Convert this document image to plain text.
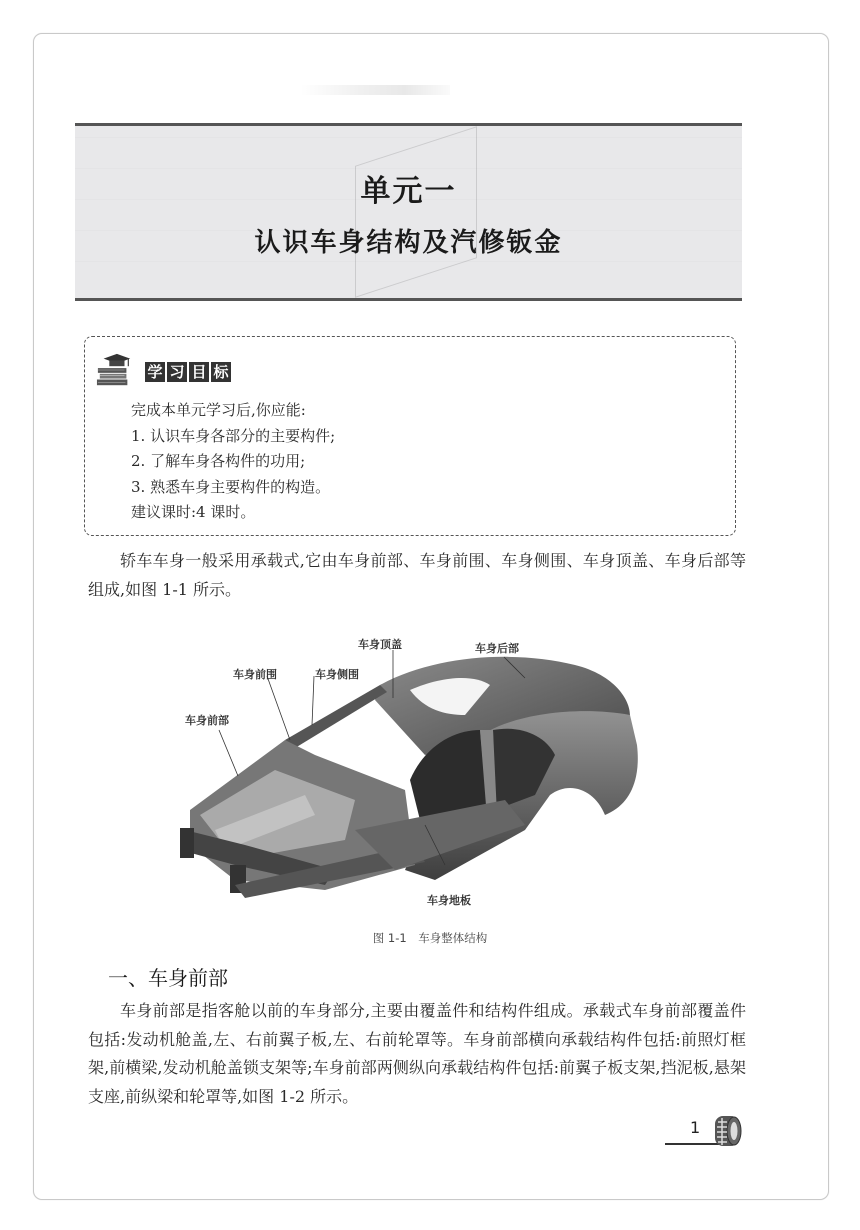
单元一
认识车身结构及汽修钣金
学 习 目 标
完成本单元学习后,你应能:
1. 认识车身各部分的主要构件;
2. 了解车身各构件的功用;
3. 熟悉车身主要构件的构造。
建议课时:4 课时。
轿车车身一般采用承载式,它由车身前部、车身前围、车身侧围、车身顶盖、车身后部等组成,如图 1-1 所示。
车身顶盖	车身后部
车身前围	车身侧围
车身前部
车身地板
图 1-1　车身整体结构
一、车身前部
车身前部是指客舱以前的车身部分,主要由覆盖件和结构件组成。承载式车身前部覆盖件包括:发动机舱盖,左、右前翼子板,左、右前轮罩等。车身前部横向承载结构件包括:前照灯框架,前横梁,发动机舱盖锁支架等;车身前部两侧纵向承载结构件包括:前翼子板支架,挡泥板,悬架支座,前纵梁和轮罩等,如图 1-2 所示。
1
